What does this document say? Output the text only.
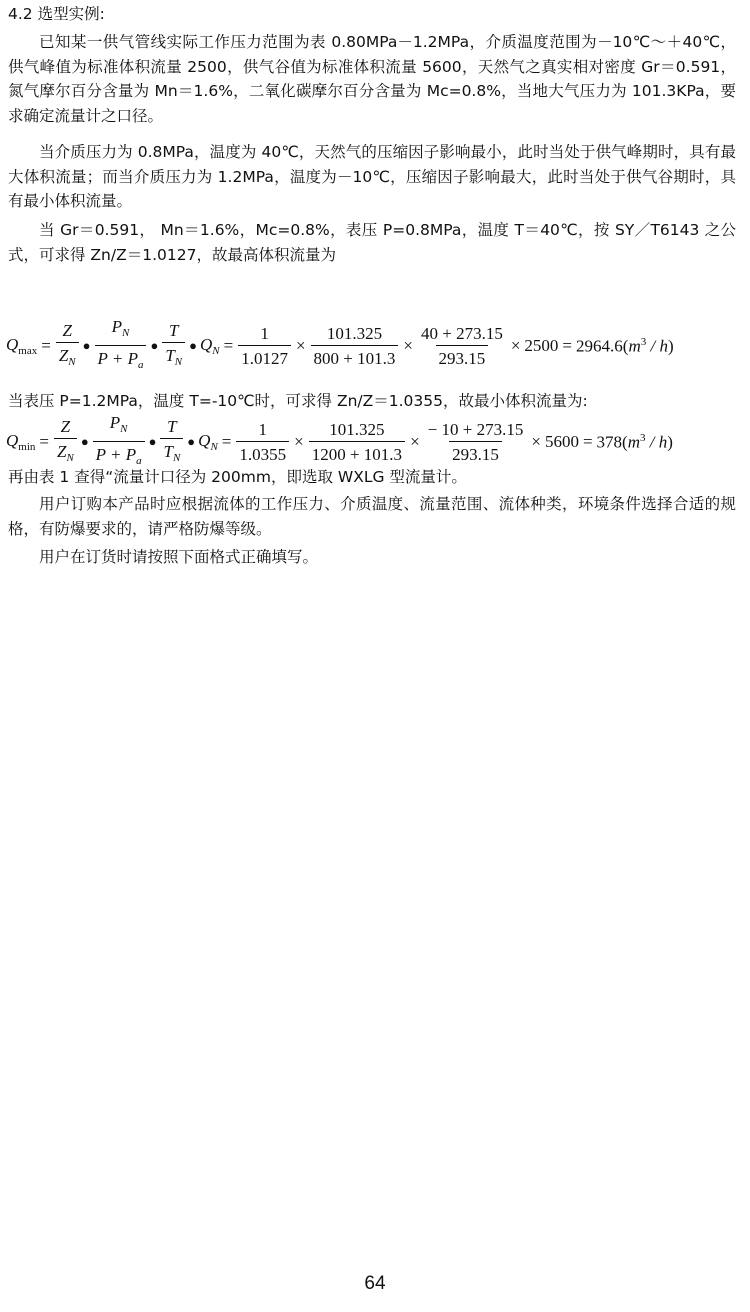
4.2 选型实例:

已知某一供气管线实际工作压力范围为表 0.80MPa－1.2MPa，介质温度范围为－10℃～＋40℃，供气峰值为标准体积流量 2500，供气谷值为标准体积流量 5600，天然气之真实相对密度 Gr＝0.591，氮气摩尔百分含量为 Mn＝1.6%，二氧化碳摩尔百分含量为 Mc=0.8%，当地大气压力为 101.3KPa，要求确定流量计之口径。

当介质压力为 0.8MPa，温度为 40℃，天然气的压缩因子影响最小，此时当处于供气峰期时，具有最大体积流量；而当介质压力为 1.2MPa，温度为－10℃，压缩因子影响最大，此时当处于供气谷期时，具有最小体积流量。

当 Gr＝0.591， Mn＝1.6%，Mc=0.8%，表压 P=0.8MPa，温度 T＝40℃，按 SY／T6143 之公式，可求得 Zn/Z＝1.0127，故最高体积流量为

$Q_{max} = \frac{Z}{Z_N}$ ● $\frac{P_N}{P + P_a}$ ● $\frac{T}{T_N}$ ● $Q_N = \frac{1}{1.0127} \times \frac{101.325}{800 + 101.3} \times \frac{40 + 273.15}{293.15} \times 2500 = 2964.6(m^3 / h)$
当表压 P=1.2MPa，温度 T=-10℃时，可求得 Zn/Z＝1.0355，故最小体积流量为:
$Q_{min} = \frac{Z}{Z_N}$ ● $\frac{P_N}{P + P_a}$ ● $\frac{T}{T_N}$ ● $Q_N = \frac{1}{1.0355} \times \frac{101.325}{1200 + 101.3} \times \frac{- 10 + 273.15}{293.15} \times 5600 = 378(m^3 / h)$
再由表 1 查得“流量计口径为 200mm，即选取 WXLG 型流量计。

用户订购本产品时应根据流体的工作压力、介质温度、流量范围、流体种类，环境条件选择合适的规格，有防爆要求的，请严格防爆等级。

用户在订货时请按照下面格式正确填写。

64
